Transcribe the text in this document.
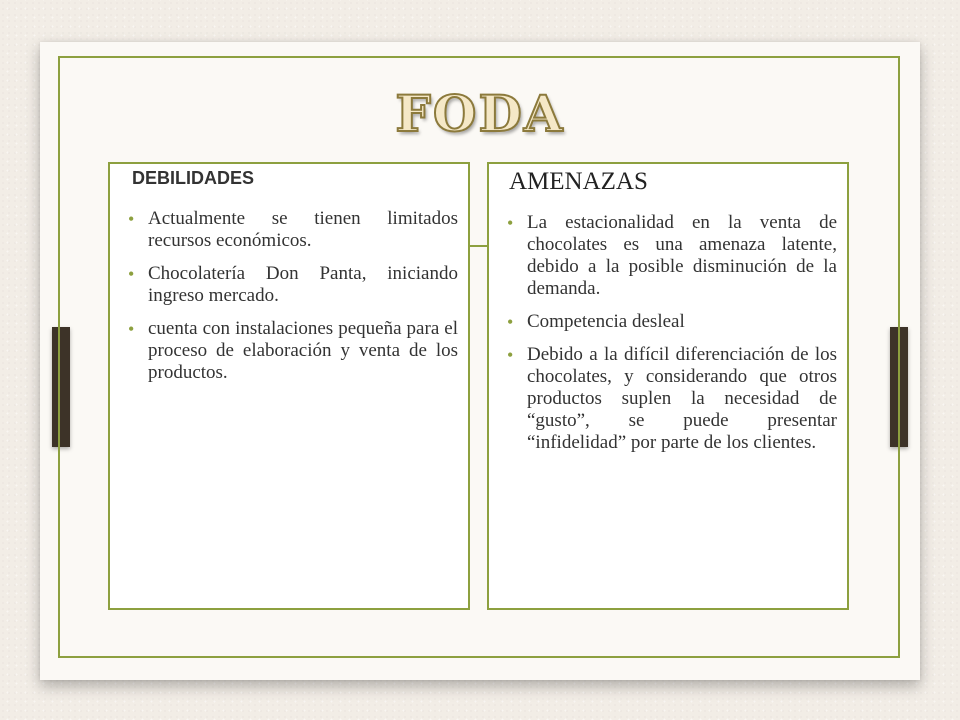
FODA
DEBILIDADES
• Actualmente se tienen limitados recursos económicos.
• Chocolatería Don Panta, iniciando ingreso mercado.
• cuenta con instalaciones pequeña para el proceso de elaboración y venta de los productos.
AMENAZAS
• La estacionalidad en la venta de chocolates es una amenaza latente, debido a la posible disminución de la demanda.
• Competencia desleal
• Debido a la difícil diferenciación de los chocolates, y considerando que otros productos suplen la necesidad de “gusto”, se puede presentar “infidelidad” por parte de los clientes.
